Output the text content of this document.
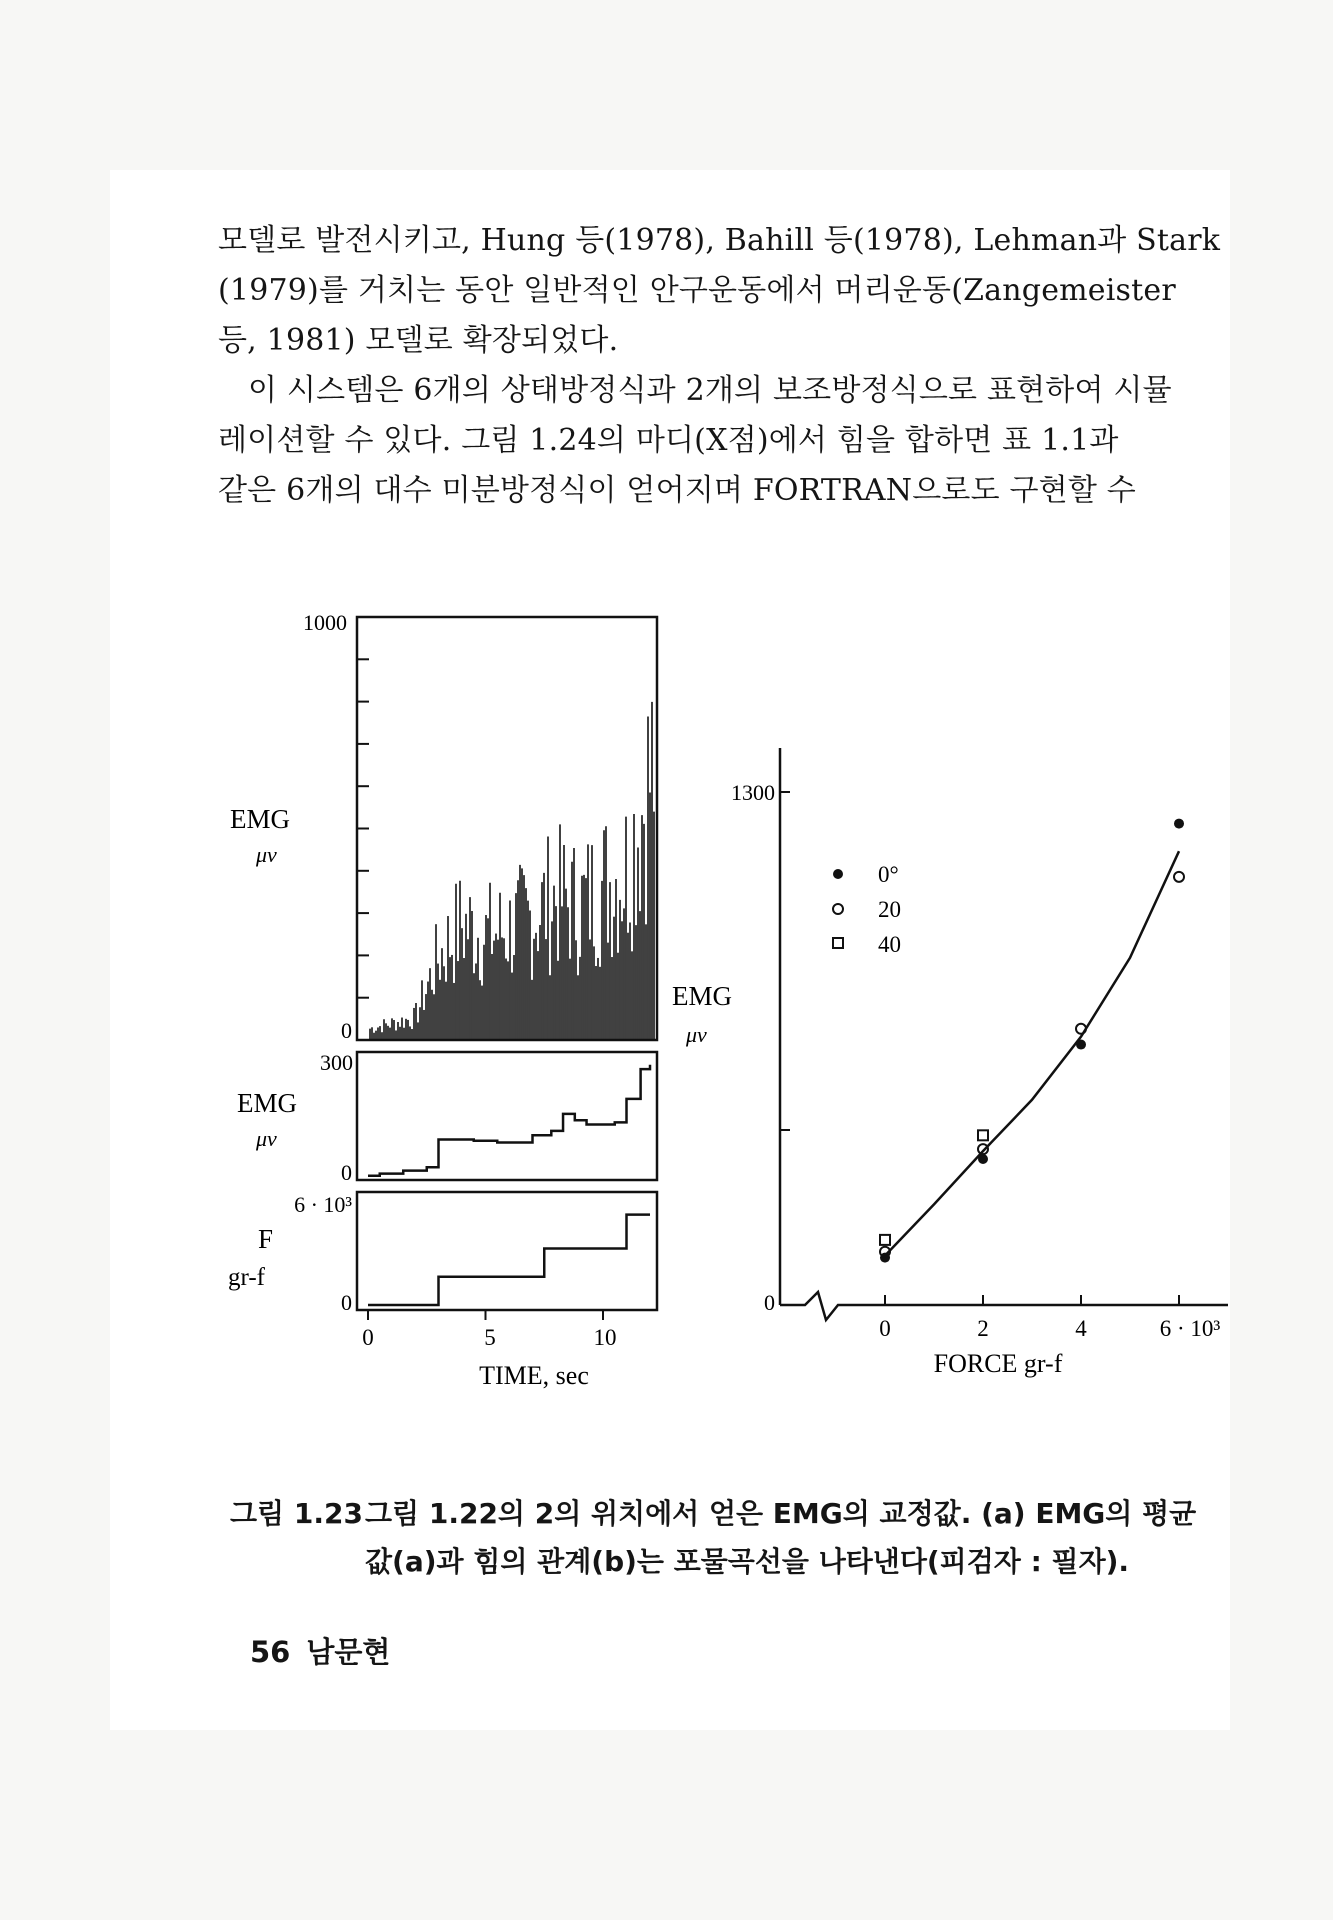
모델로 발전시키고, Hung 등(1978), Bahill 등(1978), Lehman과 Stark
(1979)를 거치는 동안 일반적인 안구운동에서 머리운동(Zangemeister
등, 1981) 모델로 확장되었다.
이 시스템은 6개의 상태방정식과 2개의 보조방정식으로 표현하여 시뮬
레이션할 수 있다. 그림 1.24의 마디(X점)에서 힘을 합하면 표 1.1과
같은 6개의 대수 미분방정식이 얻어지며 FORTRAN으로도 구현할 수
1000
0
EMG
μv
300
0
EMG
μv
6 · 10³
0
F
gr-f
0	5	10
TIME, sec
1300
0
EMG
μv
0	2	4	6 · 10³
FORCE gr-f
0°
20
40
그림 1.23그림 1.22의 2의 위치에서 얻은 EMG의 교정값. (a) EMG의 평균
값(a)과 힘의 관계(b)는 포물곡선을 나타낸다(피검자 : 필자).
56 남문현
